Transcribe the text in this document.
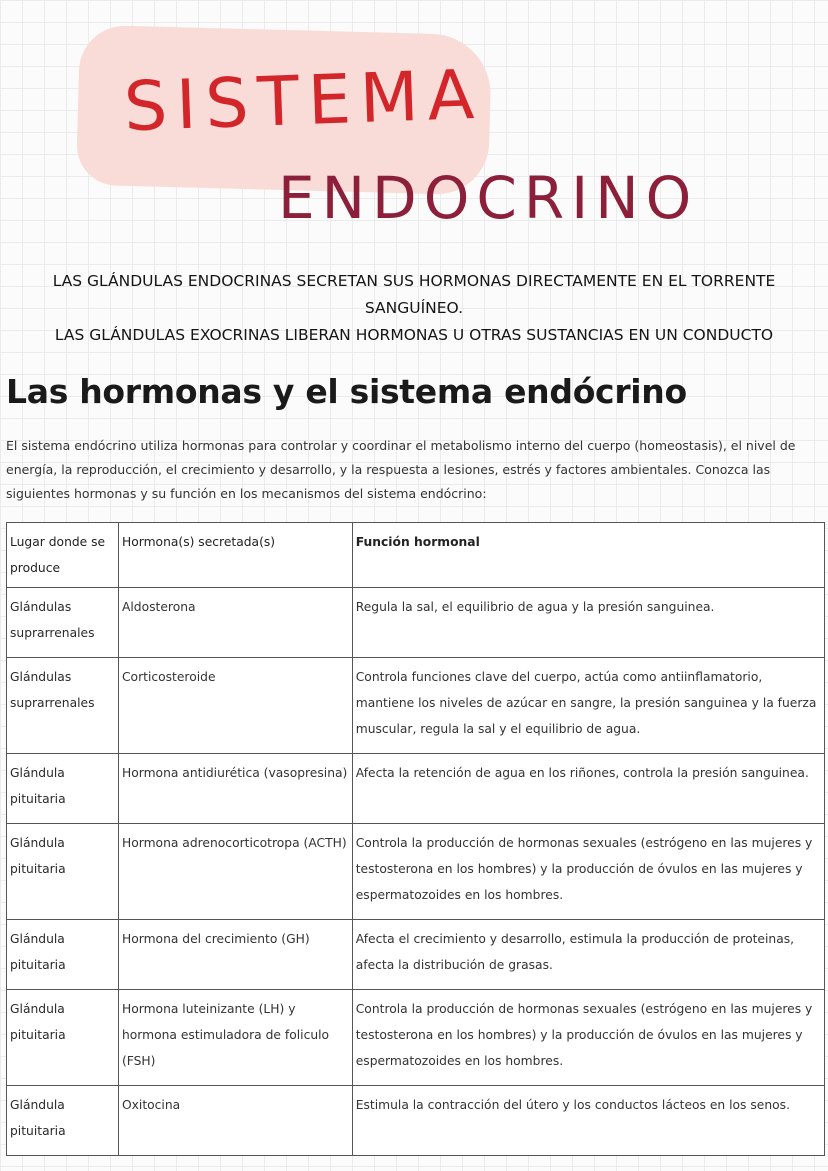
SISTEMA
ENDOCRINO
LAS GLÁNDULAS ENDOCRINAS SECRETAN SUS HORMONAS DIRECTAMENTE EN EL TORRENTE
SANGUÍNEO.
LAS GLÁNDULAS EXOCRINAS LIBERAN HORMONAS U OTRAS SUSTANCIAS EN UN CONDUCTO
Las hormonas y el sistema endócrino
El sistema endócrino utiliza hormonas para controlar y coordinar el metabolismo interno del cuerpo (homeostasis), el nivel de energía, la reproducción, el crecimiento y desarrollo, y la respuesta a lesiones, estrés y factores ambientales. Conozca las siguientes hormonas y su función en los mecanismos del sistema endócrino:
Lugar donde se produce	Hormona(s) secretada(s)	Función hormonal
Glándulas suprarrenales	Aldosterona	Regula la sal, el equilibrio de agua y la presión sanguinea.
Glándulas suprarrenales	Corticosteroide	Controla funciones clave del cuerpo, actúa como antiinflamatorio, mantiene los niveles de azúcar en sangre, la presión sanguinea y la fuerza muscular, regula la sal y el equilibrio de agua.
Glándula pituitaria	Hormona antidiurética (vasopresina)	Afecta la retención de agua en los riñones, controla la presión sanguinea.
Glándula pituitaria	Hormona adrenocorticotropa (ACTH)	Controla la producción de hormonas sexuales (estrógeno en las mujeres y testosterona en los hombres) y la producción de óvulos en las mujeres y espermatozoides en los hombres.
Glándula pituitaria	Hormona del crecimiento (GH)	Afecta el crecimiento y desarrollo, estimula la producción de proteinas, afecta la distribución de grasas.
Glándula pituitaria	Hormona luteinizante (LH) y hormona estimuladora de foliculo (FSH)	Controla la producción de hormonas sexuales (estrógeno en las mujeres y testosterona en los hombres) y la producción de óvulos en las mujeres y espermatozoides en los hombres.
Glándula pituitaria	Oxitocina	Estimula la contracción del útero y los conductos lácteos en los senos.
